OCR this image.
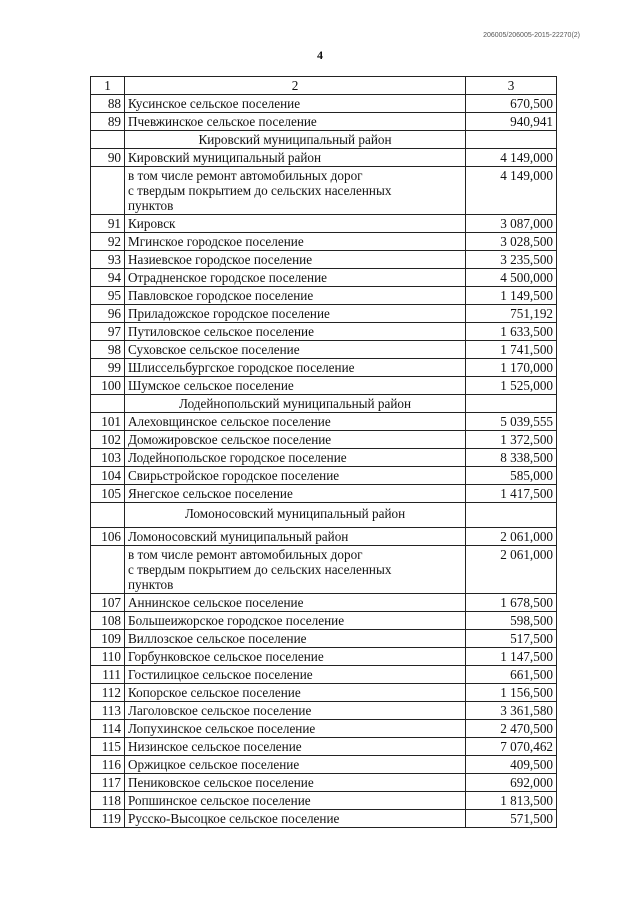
206005/206005-2015-22270(2)
4
1	2	3
88	Кусинское сельское поселение	670,500
89	Пчевжинское сельское поселение	940,941
	Кировский муниципальный район	
90	Кировский муниципальный район	4 149,000

	в том числе ремонт автомобильных дорог
с твердым покрытием до сельских населенных
пунктов	4 149,000
91	Кировск	3 087,000
92	Мгинское городское поселение	3 028,500
93	Назиевское городское поселение	3 235,500
94	Отрадненское городское поселение	4 500,000
95	Павловское городское поселение	1 149,500
96	Приладожское городское поселение	751,192
97	Путиловское сельское поселение	1 633,500
98	Суховское сельское поселение	1 741,500
99	Шлиссельбургское городское поселение	1 170,000
100	Шумское сельское поселение	1 525,000
	Лодейнопольский муниципальный район	
101	Алеховщинское сельское поселение	5 039,555
102	Доможировское сельское поселение	1 372,500
103	Лодейнопольское городское поселение	8 338,500
104	Свирьстройское городское поселение	585,000
105	Янегское сельское поселение	1 417,500
	Ломоносовский муниципальный район	
106	Ломоносовский муниципальный район	2 061,000

	в том числе ремонт автомобильных дорог
с твердым покрытием до сельских населенных
пунктов	2 061,000
107	Аннинское сельское поселение	1 678,500
108	Большеижорское городское поселение	598,500
109	Виллозское сельское поселение	517,500
110	Горбунковское сельское поселение	1 147,500
111	Гостилицкое сельское поселение	661,500
112	Копорское сельское поселение	1 156,500
113	Лаголовское сельское поселение	3 361,580
114	Лопухинское сельское поселение	2 470,500
115	Низинское сельское поселение	7 070,462
116	Оржицкое сельское поселение	409,500
117	Пениковское сельское поселение	692,000
118	Ропшинское сельское поселение	1 813,500
119	Русско-Высоцкое сельское поселение	571,500
